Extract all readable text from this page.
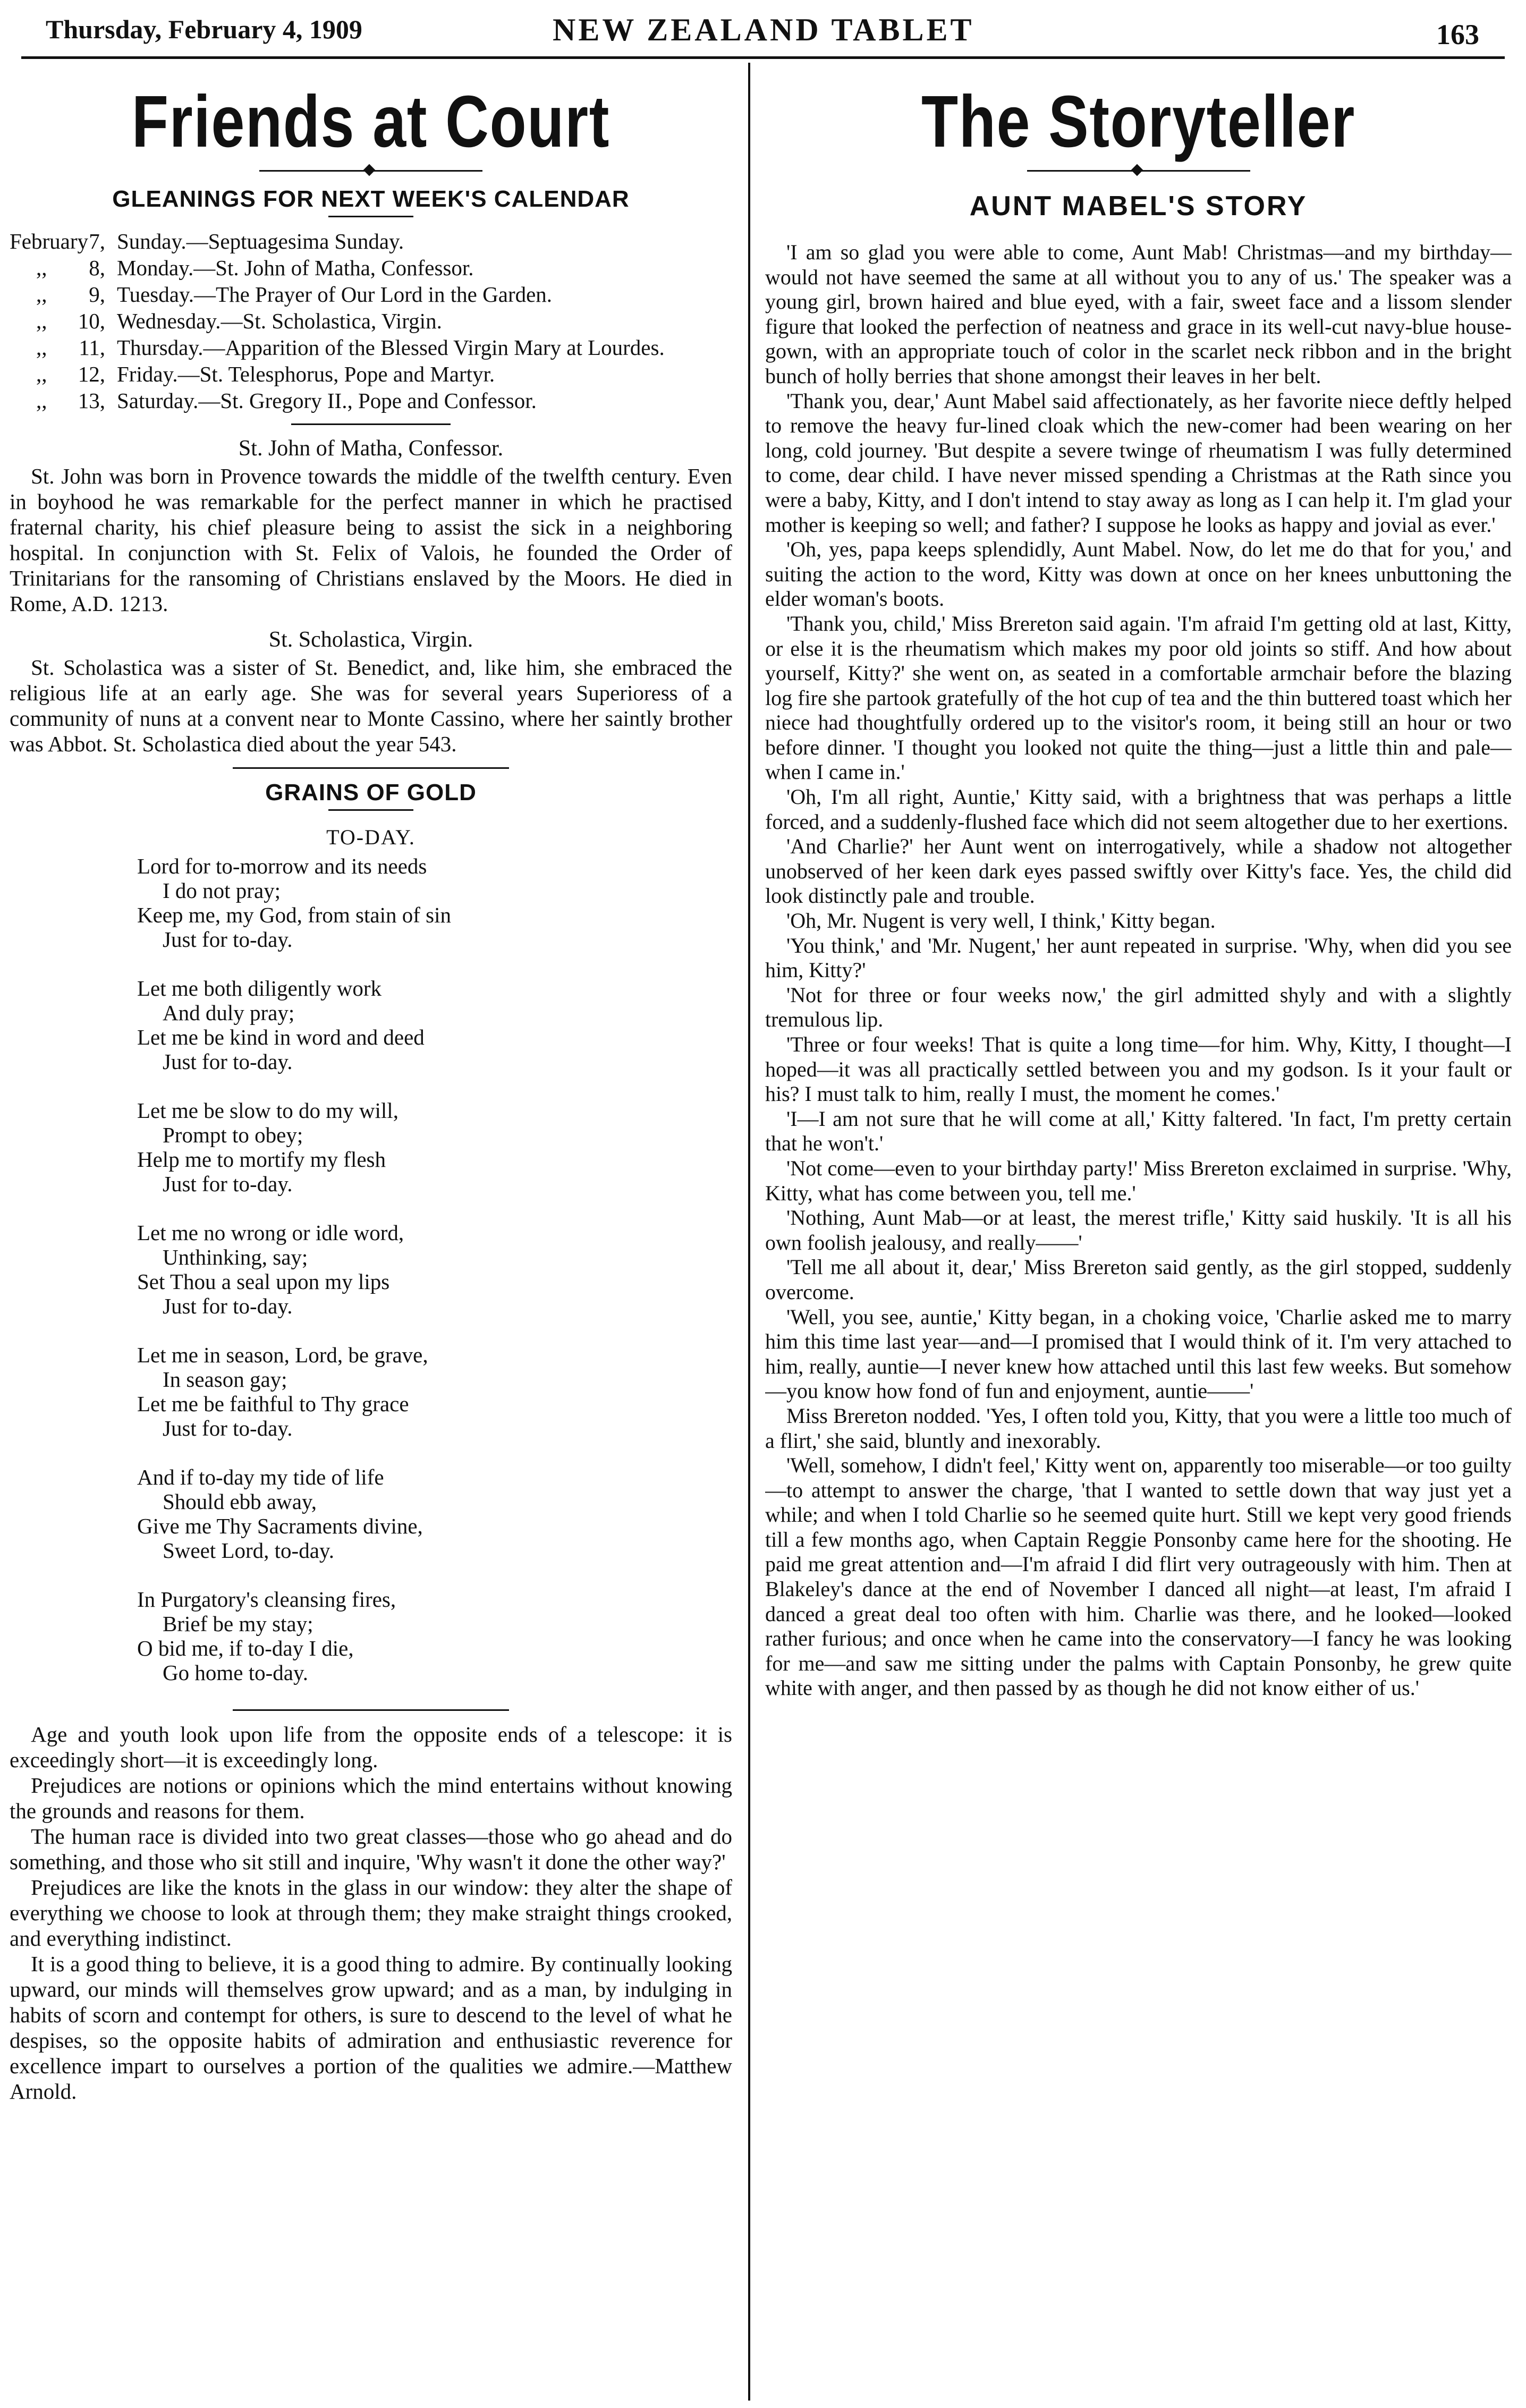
Thursday, February 4, 1909	NEW ZEALAND TABLET	163
Friends at Court
GLEANINGS FOR NEXT WEEK'S CALENDAR
February 7, Sunday.—Septuagesima Sunday.
,, 8, Monday.—St. John of Matha, Confessor.
,, 9, Tuesday.—The Prayer of Our Lord in the Garden.
,, 10, Wednesday.—St. Scholastica, Virgin.
,, 11, Thursday.—Apparition of the Blessed Virgin Mary at Lourdes.
,, 12, Friday.—St. Telesphorus, Pope and Martyr.
,, 13, Saturday.—St. Gregory II., Pope and Confessor.
St. John of Matha, Confessor.

St. John was born in Provence towards the middle of the twelfth century. Even in boyhood he was remarkable for the perfect manner in which he practised fraternal charity, his chief pleasure being to assist the sick in a neighboring hospital. In conjunction with St. Felix of Valois, he founded the Order of Trinitarians for the ransoming of Christians enslaved by the Moors. He died in Rome, A.D. 1213.

St. Scholastica, Virgin.

St. Scholastica was a sister of St. Benedict, and, like him, she embraced the religious life at an early age. She was for several years Superioress of a community of nuns at a convent near to Monte Cassino, where her saintly brother was Abbot. St. Scholastica died about the year 543.

GRAINS OF GOLD
TO-DAY.
Lord for to-morrow and its needs
I do not pray;
Keep me, my God, from stain of sin
Just for to-day.
Let me both diligently work
And duly pray;
Let me be kind in word and deed
Just for to-day.
Let me be slow to do my will,
Prompt to obey;
Help me to mortify my flesh
Just for to-day.
Let me no wrong or idle word,
Unthinking, say;
Set Thou a seal upon my lips
Just for to-day.
Let me in season, Lord, be grave,
In season gay;
Let me be faithful to Thy grace
Just for to-day.
And if to-day my tide of life
Should ebb away,
Give me Thy Sacraments divine,
Sweet Lord, to-day.
In Purgatory's cleansing fires,
Brief be my stay;
O bid me, if to-day I die,
Go home to-day.

Age and youth look upon life from the opposite ends of a telescope: it is exceedingly short—it is exceedingly long.

Prejudices are notions or opinions which the mind entertains without knowing the grounds and reasons for them.

The human race is divided into two great classes—those who go ahead and do something, and those who sit still and inquire, 'Why wasn't it done the other way?'

Prejudices are like the knots in the glass in our window: they alter the shape of everything we choose to look at through them; they make straight things crooked, and everything indistinct.

It is a good thing to believe, it is a good thing to admire. By continually looking upward, our minds will themselves grow upward; and as a man, by indulging in habits of scorn and contempt for others, is sure to descend to the level of what he despises, so the opposite habits of admiration and enthusiastic reverence for excellence impart to ourselves a portion of the qualities we admire.—Matthew Arnold.

The Storyteller
AUNT MABEL'S STORY

'I am so glad you were able to come, Aunt Mab! Christmas—and my birthday—would not have seemed the same at all without you to any of us.' The speaker was a young girl, brown haired and blue eyed, with a fair, sweet face and a lissom slender figure that looked the perfection of neatness and grace in its well-cut navy-blue house-gown, with an appropriate touch of color in the scarlet neck ribbon and in the bright bunch of holly berries that shone amongst their leaves in her belt.

'Thank you, dear,' Aunt Mabel said affectionately, as her favorite niece deftly helped to remove the heavy fur-lined cloak which the new-comer had been wearing on her long, cold journey. 'But despite a severe twinge of rheumatism I was fully determined to come, dear child. I have never missed spending a Christmas at the Rath since you were a baby, Kitty, and I don't intend to stay away as long as I can help it. I'm glad your mother is keeping so well; and father? I suppose he looks as happy and jovial as ever.'

'Oh, yes, papa keeps splendidly, Aunt Mabel. Now, do let me do that for you,' and suiting the action to the word, Kitty was down at once on her knees unbuttoning the elder woman's boots.

'Thank you, child,' Miss Brereton said again. 'I'm afraid I'm getting old at last, Kitty, or else it is the rheumatism which makes my poor old joints so stiff. And how about yourself, Kitty?' she went on, as seated in a comfortable armchair before the blazing log fire she partook gratefully of the hot cup of tea and the thin buttered toast which her niece had thoughtfully ordered up to the visitor's room, it being still an hour or two before dinner. 'I thought you looked not quite the thing—just a little thin and pale—when I came in.'

'Oh, I'm all right, Auntie,' Kitty said, with a brightness that was perhaps a little forced, and a suddenly-flushed face which did not seem altogether due to her exertions.

'And Charlie?' her Aunt went on interrogatively, while a shadow not altogether unobserved of her keen dark eyes passed swiftly over Kitty's face. Yes, the child did look distinctly pale and trouble.

'Oh, Mr. Nugent is very well, I think,' Kitty began.

'You think,' and 'Mr. Nugent,' her aunt repeated in surprise. 'Why, when did you see him, Kitty?'

'Not for three or four weeks now,' the girl admitted shyly and with a slightly tremulous lip.

'Three or four weeks! That is quite a long time—for him. Why, Kitty, I thought—I hoped—it was all practically settled between you and my godson. Is it your fault or his? I must talk to him, really I must, the moment he comes.'

'I—I am not sure that he will come at all,' Kitty faltered. 'In fact, I'm pretty certain that he won't.'

'Not come—even to your birthday party!' Miss Brereton exclaimed in surprise. 'Why, Kitty, what has come between you, tell me.'

'Nothing, Aunt Mab—or at least, the merest trifle,' Kitty said huskily. 'It is all his own foolish jealousy, and really——'

'Tell me all about it, dear,' Miss Brereton said gently, as the girl stopped, suddenly overcome.

'Well, you see, auntie,' Kitty began, in a choking voice, 'Charlie asked me to marry him this time last year—and—I promised that I would think of it. I'm very attached to him, really, auntie—I never knew how attached until this last few weeks. But somehow—you know how fond of fun and enjoyment, auntie——'

Miss Brereton nodded. 'Yes, I often told you, Kitty, that you were a little too much of a flirt,' she said, bluntly and inexorably.

'Well, somehow, I didn't feel,' Kitty went on, apparently too miserable—or too guilty—to attempt to answer the charge, 'that I wanted to settle down that way just yet a while; and when I told Charlie so he seemed quite hurt. Still we kept very good friends till a few months ago, when Captain Reggie Ponsonby came here for the shooting. He paid me great attention and—I'm afraid I did flirt very outrageously with him. Then at Blakeley's dance at the end of November I danced all night—at least, I'm afraid I danced a great deal too often with him. Charlie was there, and he looked—looked rather furious; and once when he came into the conservatory—I fancy he was looking for me—and saw me sitting under the palms with Captain Ponsonby, he grew quite white with anger, and then passed by as though he did not know either of us.'
